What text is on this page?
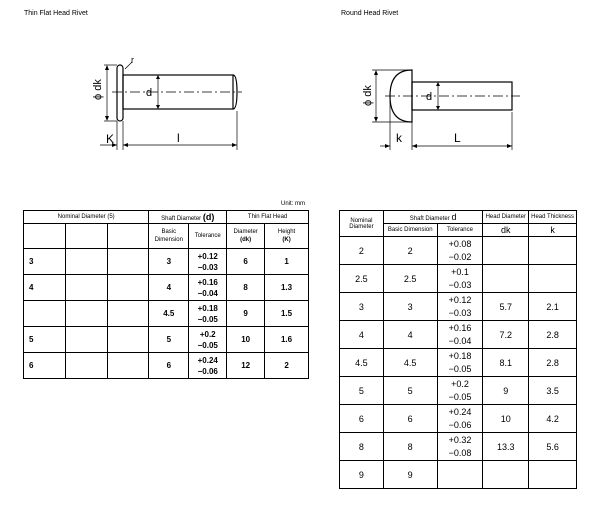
Thin Flat Head Rivet	Round Head Rivet
ϕ dk	d
r
K	l
ϕ dk	d
k	L
Unit: mm
Nominal Diameter (5)			Shaft Diameter (d)		Thin Flat Head	
			Basic Dimension	Tolerance	Diameter
(dk)	Height
(K)
3			3	+0.12
−0.03	6	1
4			4	+0.16
−0.04	8	1.3
			4.5	+0.18
−0.05	9	1.5
5			5	+0.2
−0.05	10	1.6
6			6	+0.24
−0.06	12	2
Nominal Diameter	Shaft Diameter d		Head Diameter	Head Thickness
	Basic Dimension	Tolerance	dk	k
2	2	+0.08
−0.02		
2.5	2.5	+0.1
−0.03		
3	3	+0.12
−0.03	5.7	2.1
4	4	+0.16
−0.04	7.2	2.8
4.5	4.5	+0.18
−0.05	8.1	2.8
5	5	+0.2
−0.05	9	3.5
6	6	+0.24
−0.06	10	4.2
8	8	+0.32
−0.08	13.3	5.6
9	9	
